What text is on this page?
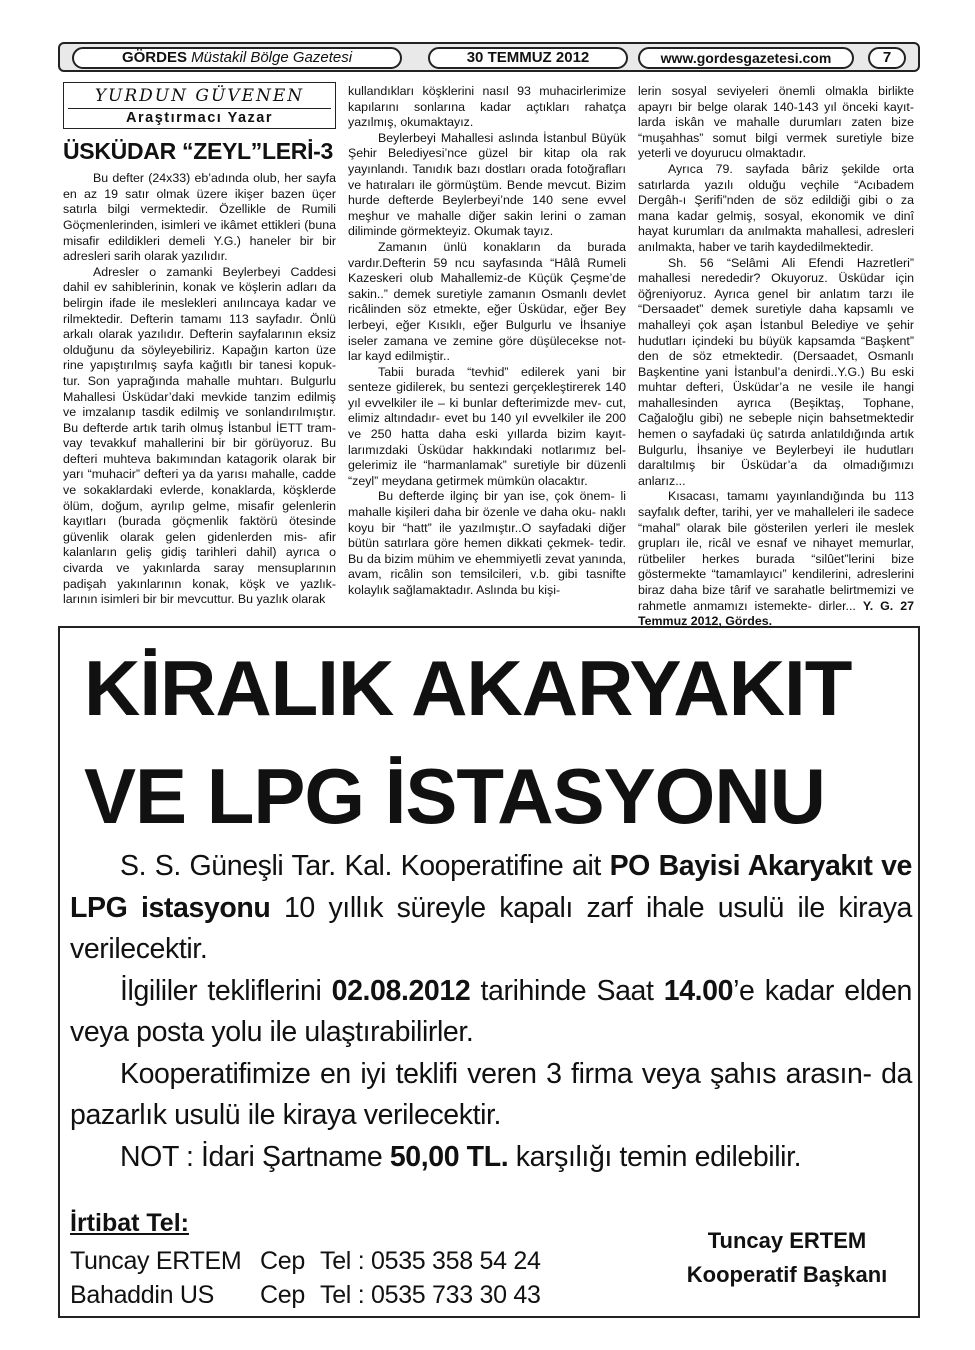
GÖRDES Müstakil Bölge Gazetesi	30 TEMMUZ 2012	www.gordesgazetesi.com	7
YURDUN GÜVENEN
Araştırmacı Yazar
ÜSKÜDAR “ZEYL”LERİ-3

Bu defter (24x33) eb’adında olub, her sayfa en az 19 satır olmak üzere ikişer bazen üçer satırla bilgi vermektedir. Özellikle de Rumili Göçmenlerinden, isimleri ve ikâmet ettikleri (buna misafir edildikleri demeli Y.G.) haneler bir bir adresleri sarih olarak yazılıdır.

Adresler o zamanki Beylerbeyi Caddesi dahil ev sahiblerinin, konak ve köşlerin adları da belirgin ifade ile meslekleri anılıncaya kadar ve rilmektedir. Defterin tamamı 113 sayfadır. Önlü arkalı olarak yazılıdır. Defterin sayfalarının eksiz olduğunu da söyleyebiliriz. Kapağın karton üze rine yapıştırılmış sayfa kağıtlı bir tanesi kopuk- tur. Son yaprağında mahalle muhtarı. Bulgurlu Mahallesi Üsküdar’daki mevkide tanzim edilmiş ve imzalanıp tasdik edilmiş ve sonlandırılmıştır. Bu defterde artık tarih olmuş İstanbul İETT tram- vay tevakkuf mahallerini bir bir görüyoruz. Bu defteri muhteva bakımından katagorik olarak bir yarı “muhacir” defteri ya da yarısı mahalle, cadde ve sokaklardaki evlerde, konaklarda, köşklerde ölüm, doğum, ayrılıp gelme, misafir gelenlerin kayıtları (burada göçmenlik faktörü ötesinde güvenlik olarak gelen gidenlerden mis- afir kalanların geliş gidiş tarihleri dahil) ayrıca o civarda ve yakınlarda saray mensuplarının padişah yakınlarının konak, köşk ve yazlık- larının isimleri bir bir mevcuttur. Bu yazlık olarak

kullandıkları köşklerini nasıl 93 muhacirlerimize kapılarını sonlarına kadar açtıkları rahatça yazılmış, okumaktayız.

Beylerbeyi Mahallesi aslında İstanbul Büyük Şehir Belediyesi’nce güzel bir kitap ola rak yayınlandı. Tanıdık bazı dostları orada fotoğrafları ve hatıraları ile görmüştüm. Bende mevcut. Bizim hurde defterde Beylerbeyi’nde 140 sene evvel meşhur ve mahalle diğer sakin lerini o zaman diliminde görmekteyiz. Okumak tayız.

Zamanın ünlü konakların da burada vardır.Defterin 59 ncu sayfasında “Hâlâ Rumeli Kazeskeri olub Mahallemiz-de Küçük Çeşme’de sakin..” demek suretiyle zamanın Osmanlı devlet ricâlinden söz etmekte, eğer Üsküdar, eğer Bey lerbeyi, eğer Kısıklı, eğer Bulgurlu ve İhsaniye iseler zamana ve zemine göre düşülecekse not- lar kayd edilmiştir..

Tabii burada “tevhid” edilerek yani bir senteze gidilerek, bu sentezi gerçekleştirerek 140 yıl evvelkiler ile – ki bunlar defterimizde mev- cut, elimiz altındadır- evet bu 140 yıl evvelkiler ile 200 ve 250 hatta daha eski yıllarda bizim kayıt- larımızdaki Üsküdar hakkındaki notlarımız bel- gelerimiz ile “harmanlamak” suretiyle bir düzenli “zeyl” meydana getirmek mümkün olacaktır.

Bu defterde ilginç bir yan ise, çok önem- li mahalle kişileri daha bir özenle ve daha oku- naklı koyu bir “hatt” ile yazılmıştır..O sayfadaki diğer bütün satırlara göre hemen dikkati çekmek- tedir. Bu da bizim mühim ve ehemmiyetli zevat yanında, avam, ricâlin son temsilcileri, v.b. gibi tasnifte kolaylık sağlamaktadır. Aslında bu kişi-

lerin sosyal seviyeleri önemli olmakla birlikte apayrı bir belge olarak 140-143 yıl önceki kayıt- larda iskân ve mahalle durumları zaten bize “muşahhas” somut bilgi vermek suretiyle bize yeterli ve doyurucu olmaktadır.

Ayrıca 79. sayfada bâriz şekilde orta satırlarda yazılı olduğu veçhile “Acıbadem Dergâh-ı Şerifi”nden de söz edildiği gibi o za mana kadar gelmiş, sosyal, ekonomik ve dinî hayat kurumları da anılmakta mahallesi, adresleri anılmakta, haber ve tarih kaydedilmektedir.

Sh. 56 “Selâmi Ali Efendi Hazretleri” mahallesi nerededir? Okuyoruz. Üsküdar için öğreniyoruz. Ayrıca genel bir anlatım tarzı ile “Dersaadet” demek suretiyle daha kapsamlı ve mahalleyi çok aşan İstanbul Belediye ve şehir hudutları içindeki bu büyük kapsamda “Başkent” den de söz etmektedir. (Dersaadet, Osmanlı Başkentine yani İstanbul’a denirdi..Y.G.) Bu eski muhtar defteri, Üsküdar’a ne vesile ile hangi mahallesinden ayrıca (Beşiktaş, Tophane, Cağaloğlu gibi) ne sebeple niçin bahsetmektedir hemen o sayfadaki üç satırda anlatıldığında artık Bulgurlu, İhsaniye ve Beylerbeyi ile hudutları daraltılmış bir Üsküdar’a da olmadığımızı anlarız...

Kısacası, tamamı yayınlandığında bu 113 sayfalık defter, tarihi, yer ve mahalleleri ile sadece “mahal” olarak bile gösterilen yerleri ile meslek grupları ile, ricâl ve esnaf ve nihayet memurlar, rütbeliler herkes burada “silûet”lerini bize göstermekte “tamamlayıcı” kendilerini, adreslerini biraz daha bize târif ve sarahatle belirtmemizi ve rahmetle anmamızı istemekte- dirler... Y. G. 27 Temmuz 2012, Gördes.

KİRALIK AKARYAKIT
VE LPG İSTASYONU

S. S. Güneşli Tar. Kal. Kooperatifine ait PO Bayisi Akaryakıt ve LPG istasyonu 10 yıllık süreyle kapalı zarf ihale usulü ile kiraya verilecektir.

İlgililer tekliflerini 02.08.2012 tarihinde Saat 14.00’e kadar elden veya posta yolu ile ulaştırabilirler.

Kooperatifimize en iyi teklifi veren 3 firma veya şahıs arasın- da pazarlık usulü ile kiraya verilecektir.

NOT : İdari Şartname 50,00 TL. karşılığı temin edilebilir.

İrtibat Tel:
Tuncay ERTEM Cep Tel : 0535 358 54 24
Bahaddin US	Cep Tel : 0535 733 30 43
Tuncay ERTEM
Kooperatif Başkanı
